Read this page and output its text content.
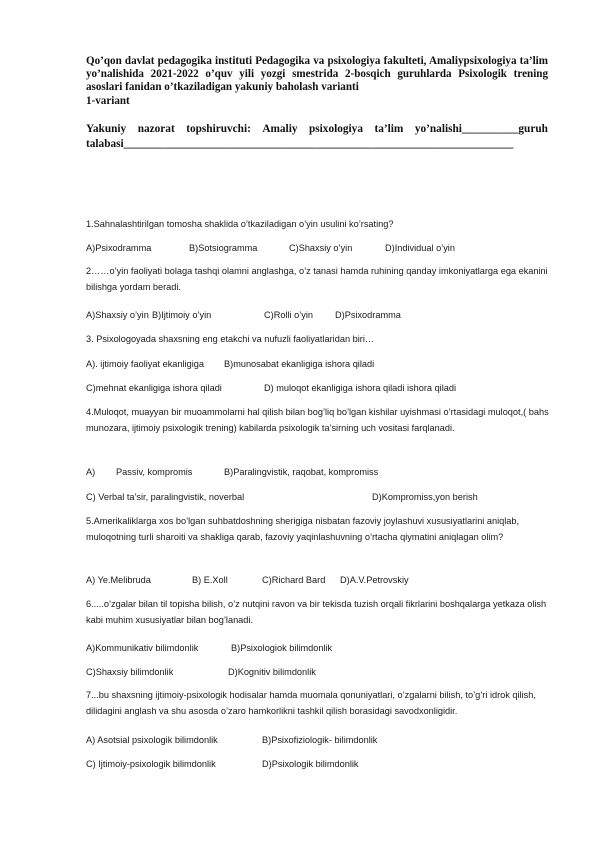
Qo’qon davlat pedagogika instituti Pedagogika va psixologiya fakulteti, Amaliypsixologiya ta’lim yo’nalishida 2021-2022 o’quv yili yozgi smestrida 2-bosqich guruhlarda Psixologik trening asoslari fanidan o’tkaziladigan yakuniy baholash varianti
1-variant
Yakuniy nazorat topshiruvchi: Amaliy psixologiya ta’lim yo’nalishi__________guruh
talabasi_____________________________________________________________________
1.Sahnalashtirilgan tomosha shaklida o’tkaziladigan o’yin usulini ko’rsating?
A)Psixodramma	B)Sotsiogramma	C)Shaxsiy o’yin	D)Individual o’yin
2……o’yin faoliyati bolaga tashqi olamni anglashga, o’z tanasi hamda ruhining qanday imkoniyatlarga ega ekanini bilishga yordam beradi.
A)Shaxsiy o’yin B)Ijtimoiy o’yin	C)Rolli o’yin D)Psixodramma
3. Psixologoyada shaxsning eng etakchi va nufuzli faoliyatlaridan biri…
A). ijtimoiy faoliyat ekanligiga B)munosabat ekanligiga ishora qiladi
C)mehnat ekanligiga ishora qiladi	D) muloqot ekanligiga ishora qiladi ishora qiladi
4.Muloqot, muayyan bir muoammolarni hal qilish bilan bog’liq bo’lgan kishilar uyishmasi o’rtasidagi muloqot,( bahs munozara, ijtimoiy psixologik trening) kabilarda psixologik ta’sirning uch vositasi farqlanadi.
A) Passiv, kompromis	B)Paralingvistik, raqobat, kompromiss
C) Verbal ta’sir, paralingvistik, noverbal	D)Kompromiss,yon berish
5.Amerikaliklarga xos bo’lgan suhbatdoshning sherigiga nisbatan fazoviy joylashuvi xususiyatlarini aniqlab, muloqotning turli sharoiti va shakliga qarab, fazoviy yaqinlashuvning o’rtacha qiymatini aniqlagan olim?
A) Ye.Melibruda	B) E.Xoll	C)Richard Bard D)A.V.Petrovskiy
6.....o’zgalar bilan til topisha bilish, o’z nutqini ravon va bir tekisda tuzish orqali fikrlarini boshqalarga yetkaza olish kabi muhim xususiyatlar bilan bog’lanadi.
A)Kommunikativ bilimdonlik	B)Psixologiok bilimdonlik
C)Shaxsiy bilimdonlik	D)Kognitiv bilimdonlik
7...bu shaxsning ijtimoiy-psixologik hodisalar hamda muomala qonuniyatlari, o’zgalarni bilish, to’g’ri idrok qilish, dilidagini anglash va shu asosda o’zaro hamkorlikni tashkil qilish borasidagi savodxonligidir.
A) Asotsial psixologik bilimdonlik	B)Psixofiziologik- bilimdonlik
C) Ijtimoiy-psixologik bilimdonlik	D)Psixologik bilimdonlik
